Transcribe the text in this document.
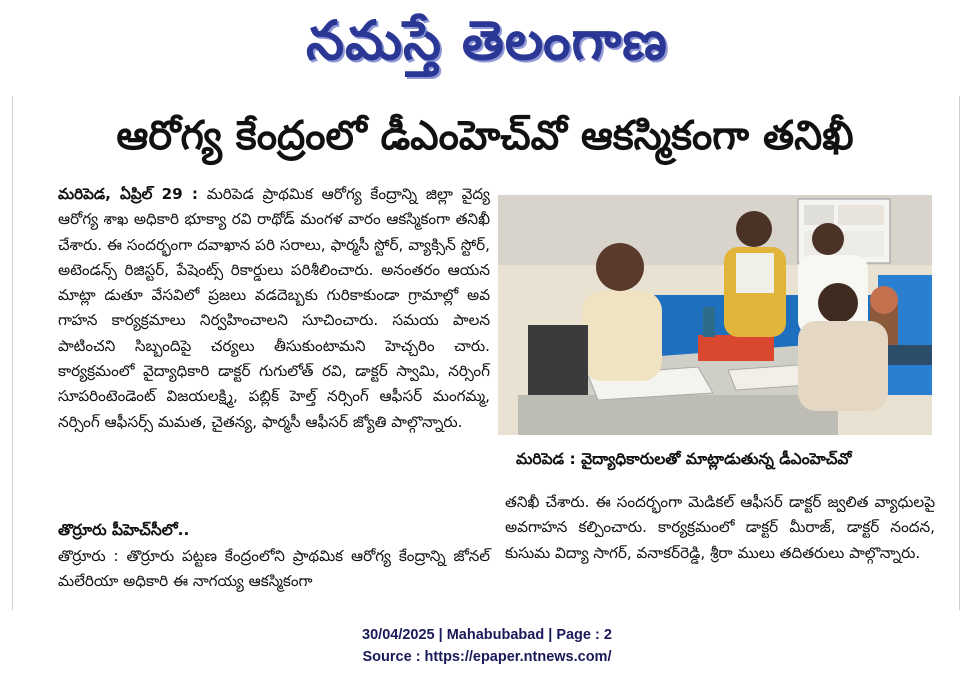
నమస్తే తెలంగాణ
ఆరోగ్య కేంద్రంలో డీఎంహెచ్‌వో ఆకస్మికంగా తనిఖీ
మరిపెడ, ఏప్రిల్ 29 : మరిపెడ ప్రాథమిక ఆరోగ్య కేంద్రాన్ని జిల్లా వైద్య ఆరోగ్య శాఖ అధికారి భూక్యా రవి రాథోడ్ మంగళ వారం ఆకస్మికంగా తనిఖీ చేశారు. ఈ సందర్భంగా దవాఖాన పరి సరాలు, ఫార్మసీ స్టోర్, వ్యాక్సిన్ స్టోర్, అటెండన్స్ రిజిస్టర్, పేషెంట్స్ రికార్డులు పరిశీలించారు. అనంతరం ఆయన మాట్లా డుతూ వేసవిలో ప్రజలు వడదెబ్బకు గురికాకుండా గ్రామాల్లో అవ గాహన కార్యక్రమాలు నిర్వహించాలని సూచించారు. సమయ పాలన పాటించని సిబ్బందిపై చర్యలు తీసుకుంటామని హెచ్చరిం చారు. కార్యక్రమంలో వైద్యాధికారి డాక్టర్ గుగులోత్ రవి, డాక్టర్ స్వామి, నర్సింగ్ సూపరింటెండెంట్ విజయలక్ష్మి, పబ్లిక్ హెల్త్ నర్సింగ్ ఆఫీసర్ మంగమ్మ, నర్సింగ్ ఆఫీసర్స్ మమత, చైతన్య, ఫార్మసీ ఆఫీసర్ జ్యోతి పాల్గొన్నారు.
తొర్రూరు పీహెచ్‌సీలో..
తొర్రూరు : తొర్రూరు పట్టణ కేంద్రంలోని ప్రాథమిక ఆరోగ్య కేంద్రాన్ని జోనల్ మలేరియా అధికారి ఈ నాగయ్య ఆకస్మికంగా
మరిపెడ : వైద్యాధికారులతో మాట్లాడుతున్న డీఎంహెచ్‌వో
తనిఖీ చేశారు. ఈ సందర్భంగా మెడికల్ ఆఫీసర్ డాక్టర్ జ్వలిత వ్యాధులపై అవగాహన కల్పించారు. కార్యక్రమంలో డాక్టర్ మీరాజ్, డాక్టర్ నందన, కుసుమ విద్యా సాగర్, వనాకర్‌రెడ్డి, శ్రీరా ములు తదితరులు పాల్గొన్నారు.
30/04/2025 | Mahabubabad | Page : 2
Source : https://epaper.ntnews.com/
